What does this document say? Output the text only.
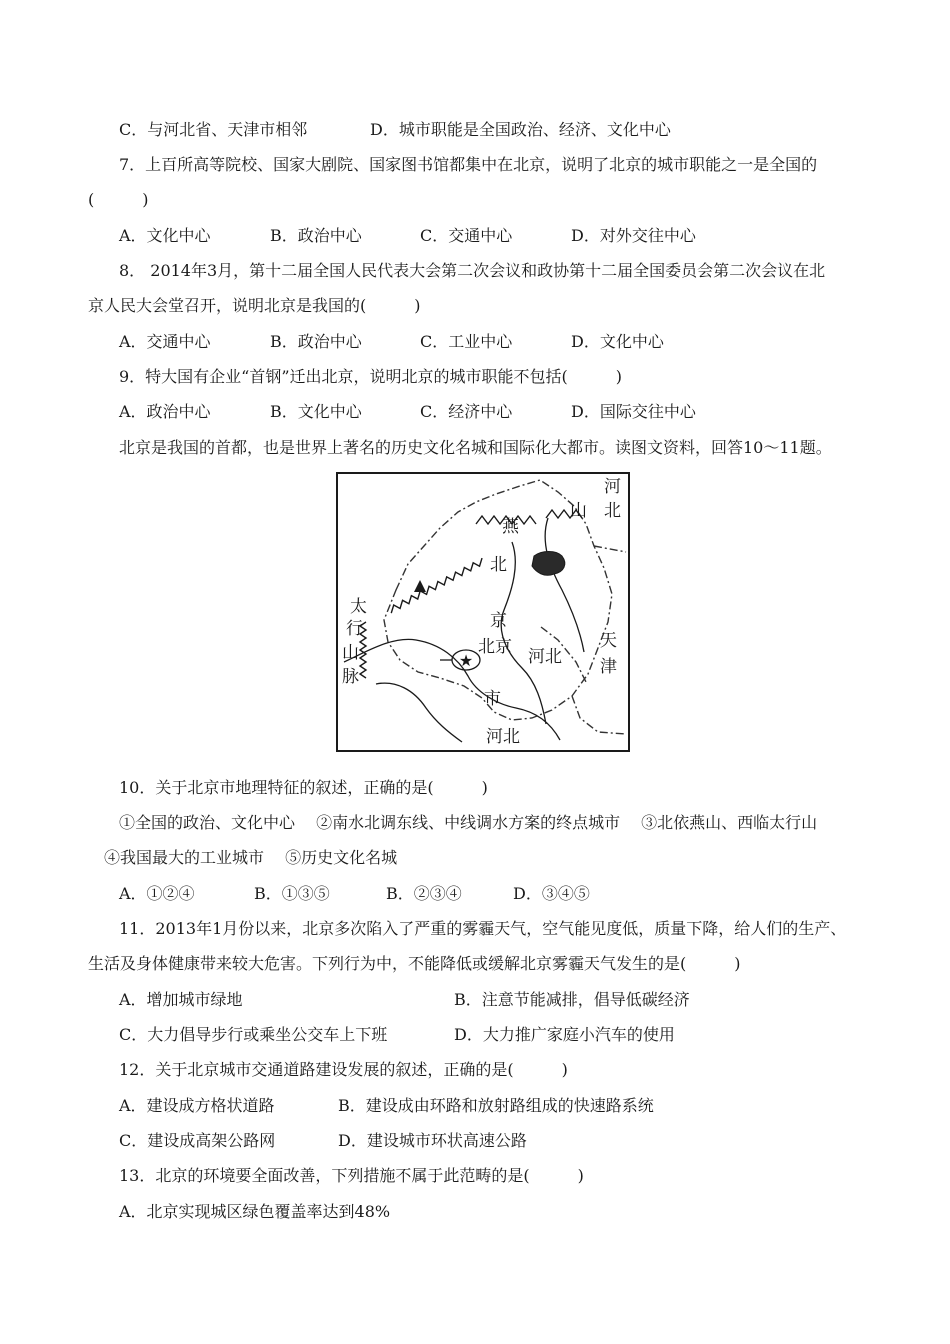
C．与河北省、天津市相邻	D．城市职能是全国政治、经济、文化中心
7．上百所高等院校、国家大剧院、国家图书馆都集中在北京，说明了北京的城市职能之一是全国的
(　　　)
A．文化中心	B．政治中心	C．交通中心	D．对外交往中心
8． 2014年3月，第十二届全国人民代表大会第二次会议和政协第十二届全国委员会第二次会议在北
京人民大会堂召开，说明北京是我国的(　　　)
A．交通中心	B．政治中心	C．工业中心	D．文化中心
9．特大国有企业“首钢”迁出北京，说明北京的城市职能不包括(　　　)
A．政治中心	B．文化中心	C．经济中心	D．国际交往中心
北京是我国的首都，也是世界上著名的历史文化名城和国际化大都市。读图文资料，回答10～11题。
★
燕
山
河
北
北
京
北京 河北
天
津
市
河北
太
行
山
脉
10．关于北京市地理特征的叙述，正确的是(　　　)
①全国的政治、文化中心　 ②南水北调东线、中线调水方案的终点城市　 ③北依燕山、西临太行山
④我国最大的工业城市　 ⑤历史文化名城
A．①②④	B．①③⑤	B．②③④	D．③④⑤
11．2013年1月份以来，北京多次陷入了严重的雾霾天气，空气能见度低，质量下降，给人们的生产、
生活及身体健康带来较大危害。下列行为中，不能降低或缓解北京雾霾天气发生的是(　　　)
A．增加城市绿地	B．注意节能减排，倡导低碳经济
C．大力倡导步行或乘坐公交车上下班	D．大力推广家庭小汽车的使用
12．关于北京城市交通道路建设发展的叙述，正确的是(　　　)
A．建设成方格状道路	B．建设成由环路和放射路组成的快速路系统
C．建设成高架公路网	D．建设城市环状高速公路
13．北京的环境要全面改善，下列措施不属于此范畴的是(　　　)
A．北京实现城区绿色覆盖率达到48%
